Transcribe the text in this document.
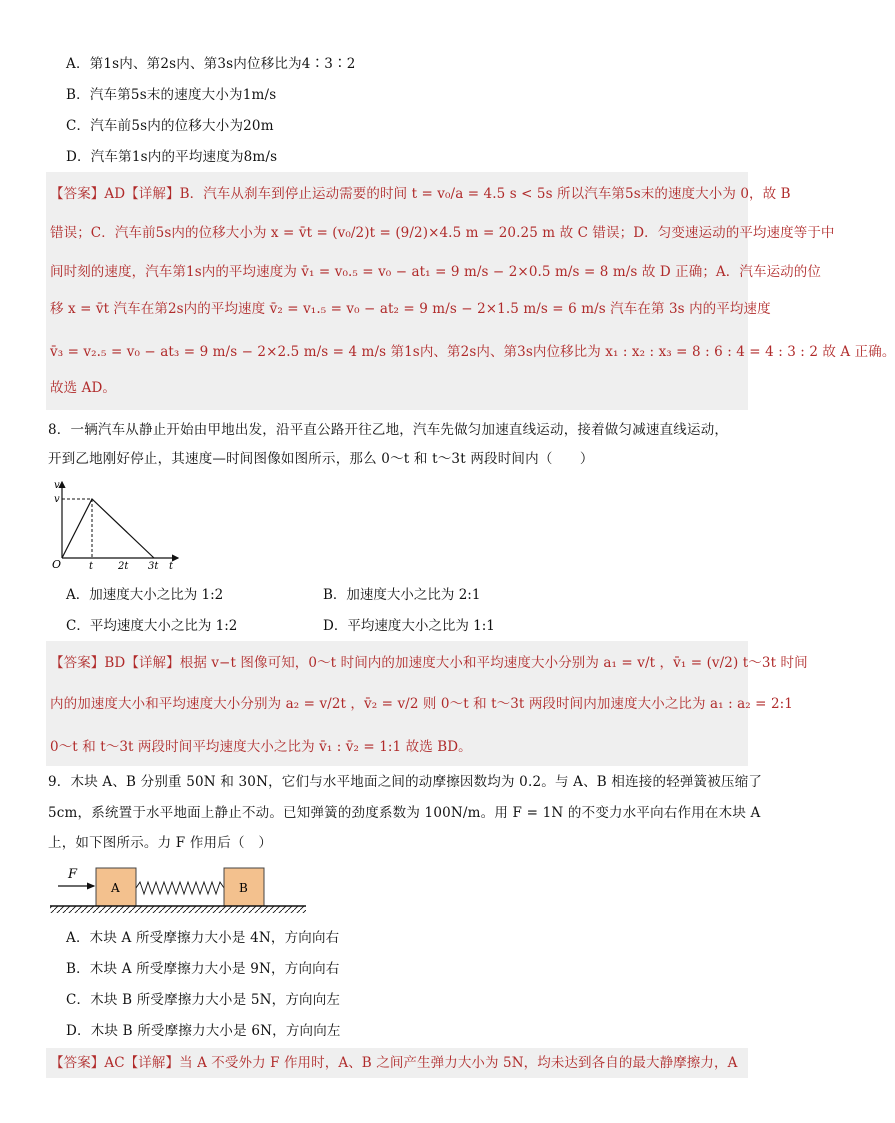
A．第1s内、第2s内、第3s内位移比为4∶3∶2
B．汽车第5s末的速度大小为1m/s
C．汽车前5s内的位移大小为20m
D．汽车第1s内的平均速度为8m/s
【答案】AD【详解】B．汽车从刹车到停止运动需要的时间 t = v₀/a = 4.5 s < 5s 所以汽车第5s末的速度大小为 0，故 B
错误；C．汽车前5s内的位移大小为 x = v̄t = (v₀/2)t = (9/2)×4.5 m = 20.25 m 故 C 错误；D．匀变速运动的平均速度等于中
间时刻的速度，汽车第1s内的平均速度为 v̄₁ = v₀.₅ = v₀ − at₁ = 9 m/s − 2×0.5 m/s = 8 m/s 故 D 正确；A．汽车运动的位
移 x = v̄t 汽车在第2s内的平均速度 v̄₂ = v₁.₅ = v₀ − at₂ = 9 m/s − 2×1.5 m/s = 6 m/s 汽车在第 3s 内的平均速度
v̄₃ = v₂.₅ = v₀ − at₃ = 9 m/s − 2×2.5 m/s = 4 m/s 第1s内、第2s内、第3s内位移比为 x₁ : x₂ : x₃ = 8 : 6 : 4 = 4 : 3 : 2 故 A 正确。
故选 AD。
8．一辆汽车从静止开始由甲地出发，沿平直公路开往乙地，汽车先做匀加速直线运动，接着做匀减速直线运动，
开到乙地刚好停止，其速度—时间图像如图所示，那么 0～t 和 t～3t 两段时间内（　　）
v
v
O	t 2t 3t t
A．加速度大小之比为 1:2	B．加速度大小之比为 2:1
C．平均速度大小之比为 1:2	D．平均速度大小之比为 1:1
【答案】BD【详解】根据 v−t 图像可知，0～t 时间内的加速度大小和平均速度大小分别为 a₁ = v/t ，v̄₁ = (v/2) t～3t 时间
内的加速度大小和平均速度大小分别为 a₂ = v/2t ，v̄₂ = v/2 则 0～t 和 t～3t 两段时间内加速度大小之比为 a₁ : a₂ = 2:1
0～t 和 t～3t 两段时间平均速度大小之比为 v̄₁ : v̄₂ = 1:1 故选 BD。
9．木块 A、B 分别重 50N 和 30N，它们与水平地面之间的动摩擦因数均为 0.2。与 A、B 相连接的轻弹簧被压缩了
5cm，系统置于水平地面上静止不动。已知弹簧的劲度系数为 100N/m。用 F = 1N 的不变力水平向右作用在木块 A
上，如下图所示。力 F 作用后（　）
F
A	B
A．木块 A 所受摩擦力大小是 4N，方向向右
B．木块 A 所受摩擦力大小是 9N，方向向右
C．木块 B 所受摩擦力大小是 5N，方向向左
D．木块 B 所受摩擦力大小是 6N，方向向左
【答案】AC【详解】当 A 不受外力 F 作用时，A、B 之间产生弹力大小为 5N，均未达到各自的最大静摩擦力，A
